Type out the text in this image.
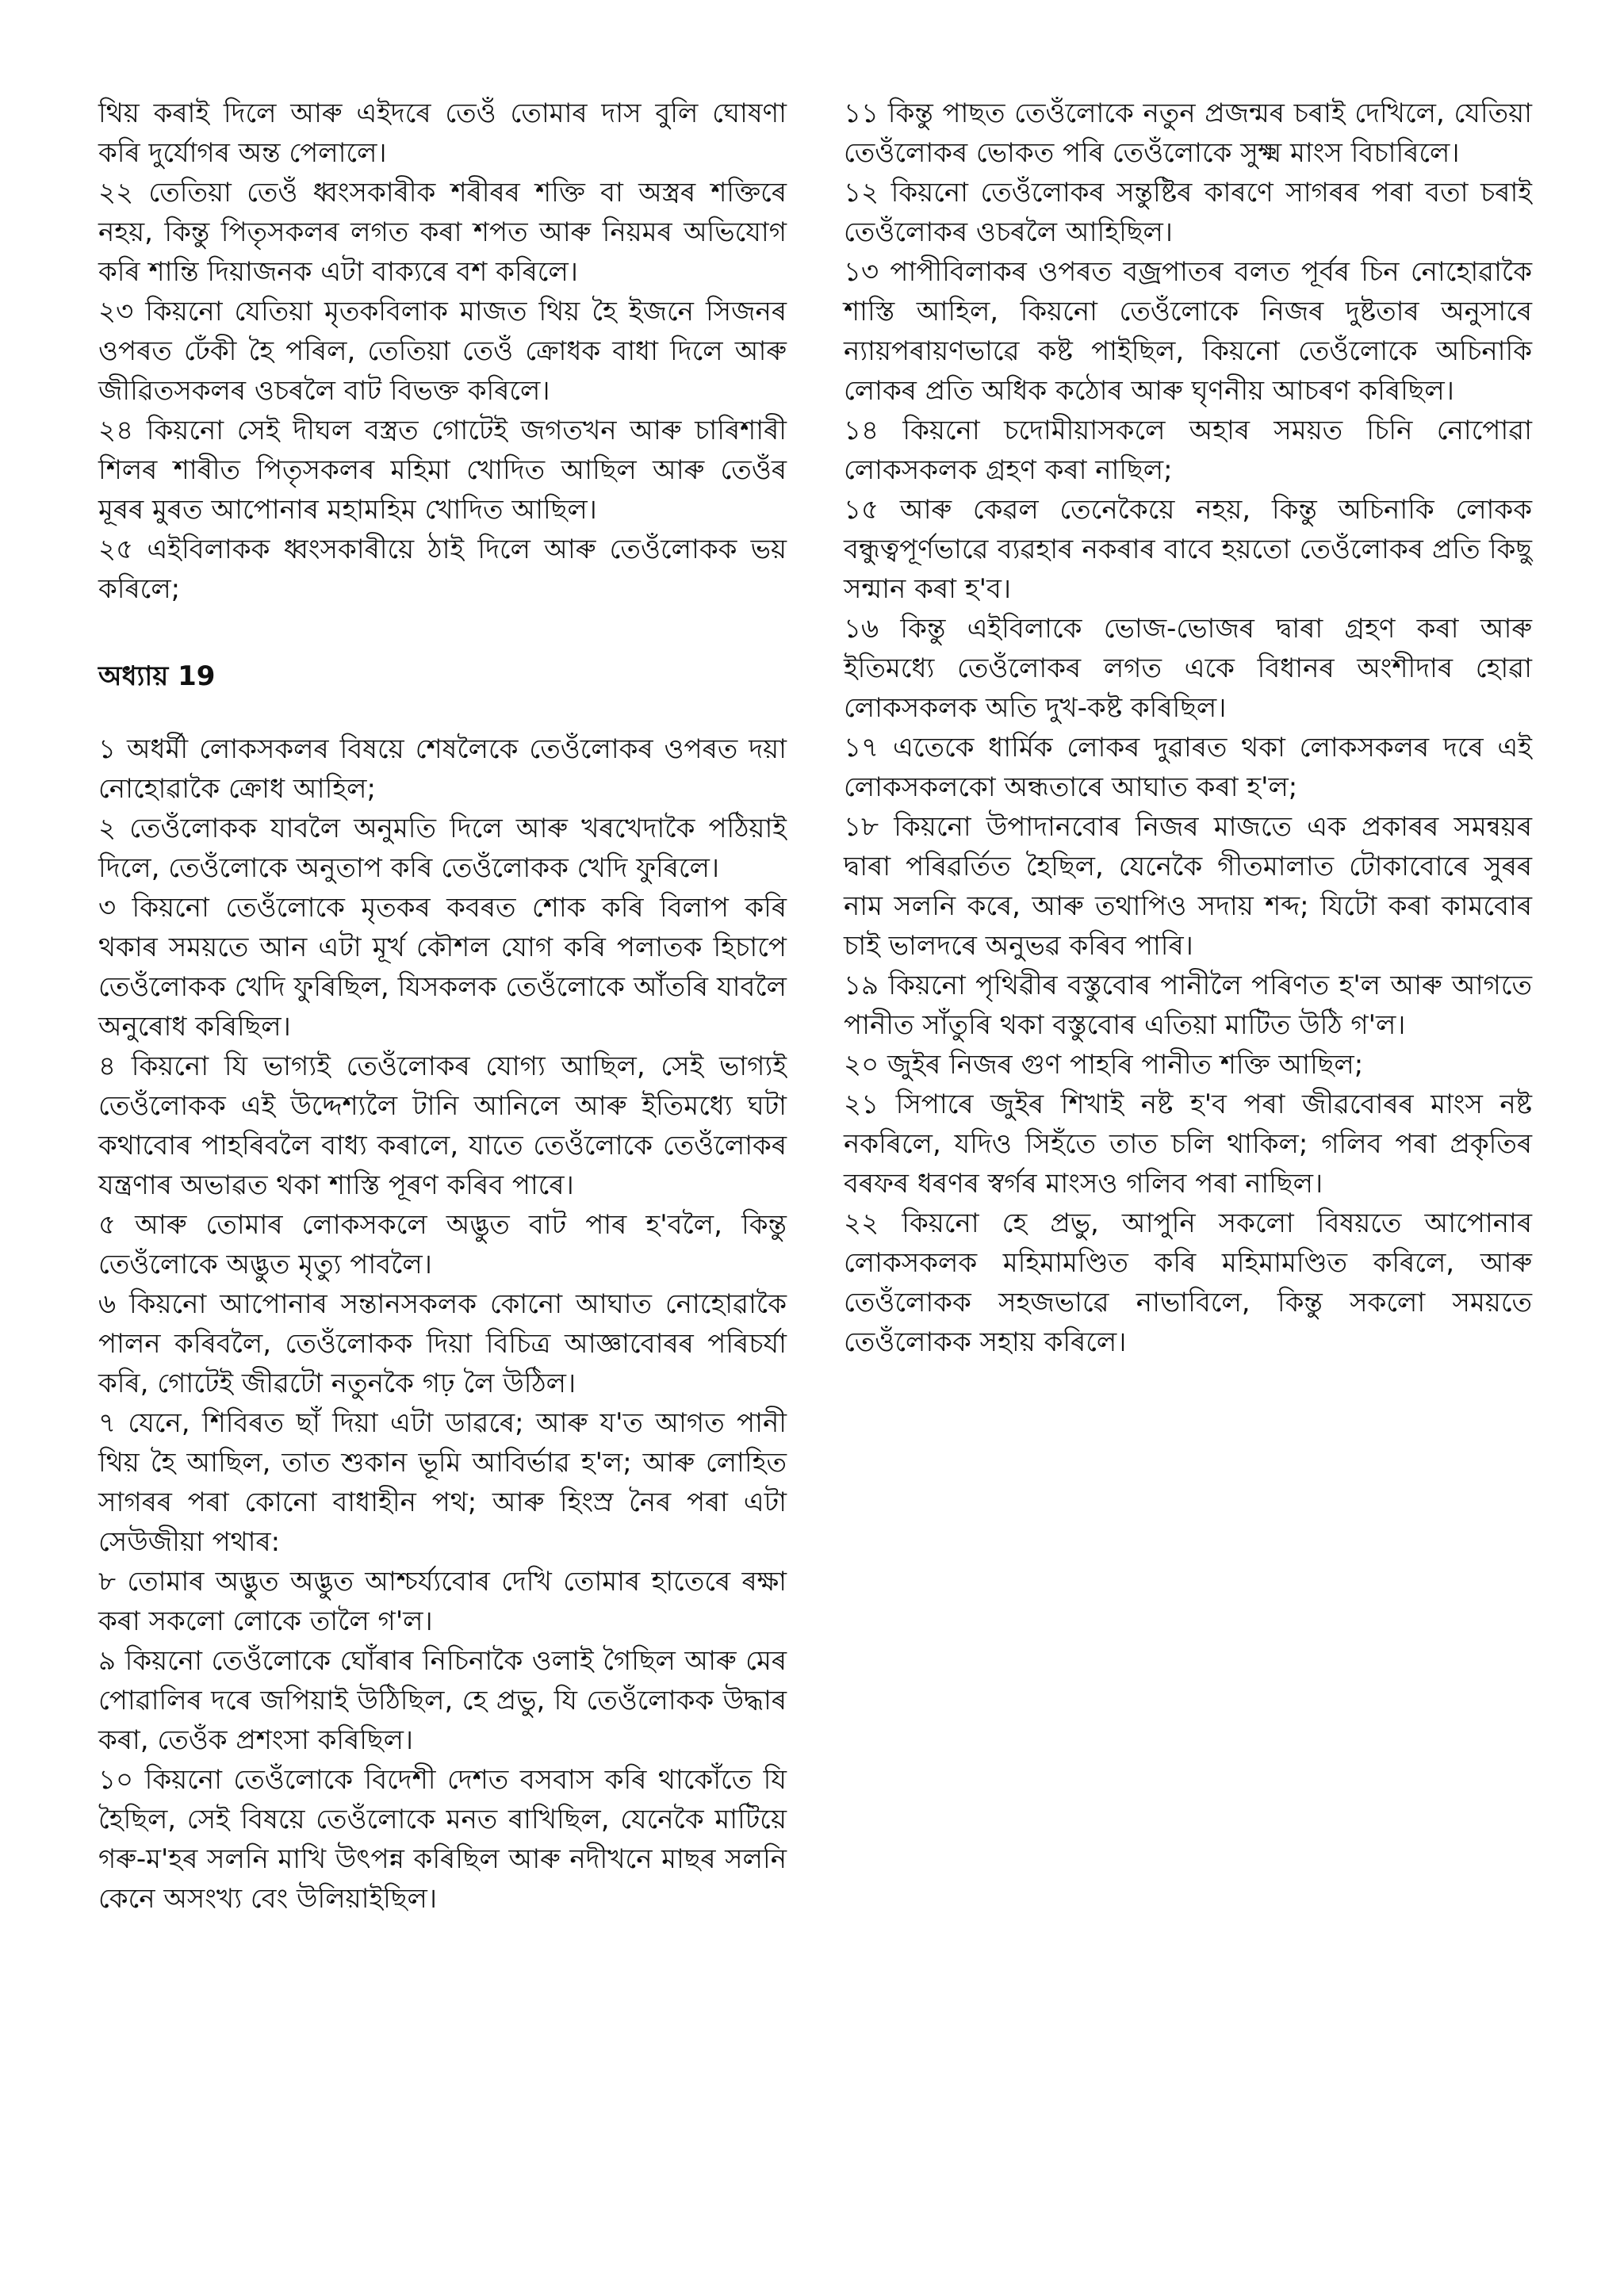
থিয় কৰাই দিলে আৰু এইদৰে তেওঁ তোমাৰ দাস বুলি ঘোষণা কৰি দুৰ্যোগৰ অন্ত পেলালে।

২২ তেতিয়া তেওঁ ধ্বংসকাৰীক শৰীৰৰ শক্তি বা অস্ত্ৰৰ শক্তিৰে নহয়, কিন্তু পিতৃসকলৰ লগত কৰা শপত আৰু নিয়মৰ অভিযোগ কৰি শান্তি দিয়াজনক এটা বাক্যৰে বশ কৰিলে।

২৩ কিয়নো যেতিয়া মৃতকবিলাক মাজত থিয় হৈ ইজনে সিজনৰ ওপৰত ঢেঁকী হৈ পৰিল, তেতিয়া তেওঁ ক্ৰোধক বাধা দিলে আৰু জীৱিতসকলৰ ওচৰলৈ বাট বিভক্ত কৰিলে।

২৪ কিয়নো সেই দীঘল বস্ত্ৰত গোটেই জগতখন আৰু চাৰিশাৰী শিলৰ শাৰীত পিতৃসকলৰ মহিমা খোদিত আছিল আৰু তেওঁৰ মূৰৰ মুৰত আপোনাৰ মহামহিম খোদিত আছিল।

২৫ এইবিলাকক ধ্বংসকাৰীয়ে ঠাই দিলে আৰু তেওঁলোকক ভয় কৰিলে;

অধ্যায় 19

১ অধৰ্মী লোকসকলৰ বিষয়ে শেষলৈকে তেওঁলোকৰ ওপৰত দয়া নোহোৱাকৈ ক্ৰোধ আহিল;

২ তেওঁলোকক যাবলৈ অনুমতি দিলে আৰু খৰখেদাকৈ পঠিয়াই দিলে, তেওঁলোকে অনুতাপ কৰি তেওঁলোকক খেদি ফুৰিলে।

৩ কিয়নো তেওঁলোকে মৃতকৰ কবৰত শোক কৰি বিলাপ কৰি থকাৰ সময়তে আন এটা মূৰ্খ কৌশল যোগ কৰি পলাতক হিচাপে তেওঁলোকক খেদি ফুৰিছিল, যিসকলক তেওঁলোকে আঁতৰি যাবলৈ অনুৰোধ কৰিছিল।

৪ কিয়নো যি ভাগ্যই তেওঁলোকৰ যোগ্য আছিল, সেই ভাগ্যই তেওঁলোকক এই উদ্দেশ্যলৈ টানি আনিলে আৰু ইতিমধ্যে ঘটা কথাবোৰ পাহৰিবলৈ বাধ্য কৰালে, যাতে তেওঁলোকে তেওঁলোকৰ যন্ত্ৰণাৰ অভাৱত থকা শাস্তি পূৰণ কৰিব পাৰে।

৫ আৰু তোমাৰ লোকসকলে অদ্ভুত বাট পাৰ হ'বলৈ, কিন্তু তেওঁলোকে অদ্ভুত মৃত্যু পাবলৈ।

৬ কিয়নো আপোনাৰ সন্তানসকলক কোনো আঘাত নোহোৱাকৈ পালন কৰিবলৈ, তেওঁলোকক দিয়া বিচিত্ৰ আজ্ঞাবোৰৰ পৰিচৰ্যা কৰি, গোটেই জীৱটো নতুনকৈ গঢ় লৈ উঠিল।

৭ যেনে, শিবিৰত ছাঁ দিয়া এটা ডাৱৰে; আৰু য'ত আগত পানী থিয় হৈ আছিল, তাত শুকান ভূমি আবিৰ্ভাৱ হ'ল; আৰু লোহিত সাগৰৰ পৰা কোনো বাধাহীন পথ; আৰু হিংস্ৰ নৈৰ পৰা এটা সেউজীয়া পথাৰ:

৮ তোমাৰ অদ্ভুত অদ্ভুত আশ্চৰ্য্যবোৰ দেখি তোমাৰ হাতেৰে ৰক্ষা কৰা সকলো লোকে তালৈ গ'ল।

৯ কিয়নো তেওঁলোকে ঘোঁৰাৰ নিচিনাকৈ ওলাই গৈছিল আৰু মেৰ পোৱালিৰ দৰে জপিয়াই উঠিছিল, হে প্ৰভু, যি তেওঁলোকক উদ্ধাৰ কৰা, তেওঁক প্ৰশংসা কৰিছিল।

১০ কিয়নো তেওঁলোকে বিদেশী দেশত বসবাস কৰি থাকোঁতে যি হৈছিল, সেই বিষয়ে তেওঁলোকে মনত ৰাখিছিল, যেনেকৈ মাটিয়ে গৰু-ম'হৰ সলনি মাখি উৎপন্ন কৰিছিল আৰু নদীখনে মাছৰ সলনি কেনে অসংখ্য বেং উলিয়াইছিল।

১১ কিন্তু পাছত তেওঁলোকে নতুন প্ৰজন্মৰ চৰাই দেখিলে, যেতিয়া তেওঁলোকৰ ভোকত পৰি তেওঁলোকে সুক্ষ্ম মাংস বিচাৰিলে।

১২ কিয়নো তেওঁলোকৰ সন্তুষ্টিৰ কাৰণে সাগৰৰ পৰা বতা চৰাই তেওঁলোকৰ ওচৰলৈ আহিছিল।

১৩ পাপীবিলাকৰ ওপৰত বজ্ৰপাতৰ বলত পূৰ্বৰ চিন নোহোৱাকৈ শাস্তি আহিল, কিয়নো তেওঁলোকে নিজৰ দুষ্টতাৰ অনুসাৰে ন্যায়পৰায়ণভাৱে কষ্ট পাইছিল, কিয়নো তেওঁলোকে অচিনাকি লোকৰ প্ৰতি অধিক কঠোৰ আৰু ঘৃণনীয় আচৰণ কৰিছিল।

১৪ কিয়নো চদোমীয়াসকলে অহাৰ সময়ত চিনি নোপোৱা লোকসকলক গ্ৰহণ কৰা নাছিল;

১৫ আৰু কেৱল তেনেকৈয়ে নহয়, কিন্তু অচিনাকি লোকক বন্ধুত্বপূৰ্ণভাৱে ব্যৱহাৰ নকৰাৰ বাবে হয়তো তেওঁলোকৰ প্ৰতি কিছু সন্মান কৰা হ'ব।

১৬ কিন্তু এইবিলাকে ভোজ-ভোজৰ দ্বাৰা গ্ৰহণ কৰা আৰু ইতিমধ্যে তেওঁলোকৰ লগত একে বিধানৰ অংশীদাৰ হোৱা লোকসকলক অতি দুখ-কষ্ট কৰিছিল।

১৭ এতেকে ধাৰ্মিক লোকৰ দুৱাৰত থকা লোকসকলৰ দৰে এই লোকসকলকো অন্ধতাৰে আঘাত কৰা হ'ল;

১৮ কিয়নো উপাদানবোৰ নিজৰ মাজতে এক প্ৰকাৰৰ সমন্বয়ৰ দ্বাৰা পৰিৱৰ্তিত হৈছিল, যেনেকৈ গীতমালাত টোকাবোৰে সুৰৰ নাম সলনি কৰে, আৰু তথাপিও সদায় শব্দ; যিটো কৰা কামবোৰ চাই ভালদৰে অনুভৱ কৰিব পাৰি।

১৯ কিয়নো পৃথিৱীৰ বস্তুবোৰ পানীলৈ পৰিণত হ'ল আৰু আগতে পানীত সাঁতুৰি থকা বস্তুবোৰ এতিয়া মাটিত উঠি গ'ল।

২০ জুইৰ নিজৰ গুণ পাহৰি পানীত শক্তি আছিল;

২১ সিপাৰে জুইৰ শিখাই নষ্ট হ'ব পৰা জীৱবোৰৰ মাংস নষ্ট নকৰিলে, যদিও সিহঁতে তাত চলি থাকিল; গলিব পৰা প্ৰকৃতিৰ বৰফৰ ধৰণৰ স্বৰ্গৰ মাংসও গলিব পৰা নাছিল।

২২ কিয়নো হে প্ৰভু, আপুনি সকলো বিষয়তে আপোনাৰ লোকসকলক মহিমামণ্ডিত কৰি মহিমামণ্ডিত কৰিলে, আৰু তেওঁলোকক সহজভাৱে নাভাবিলে, কিন্তু সকলো সময়তে তেওঁলোকক সহায় কৰিলে।
